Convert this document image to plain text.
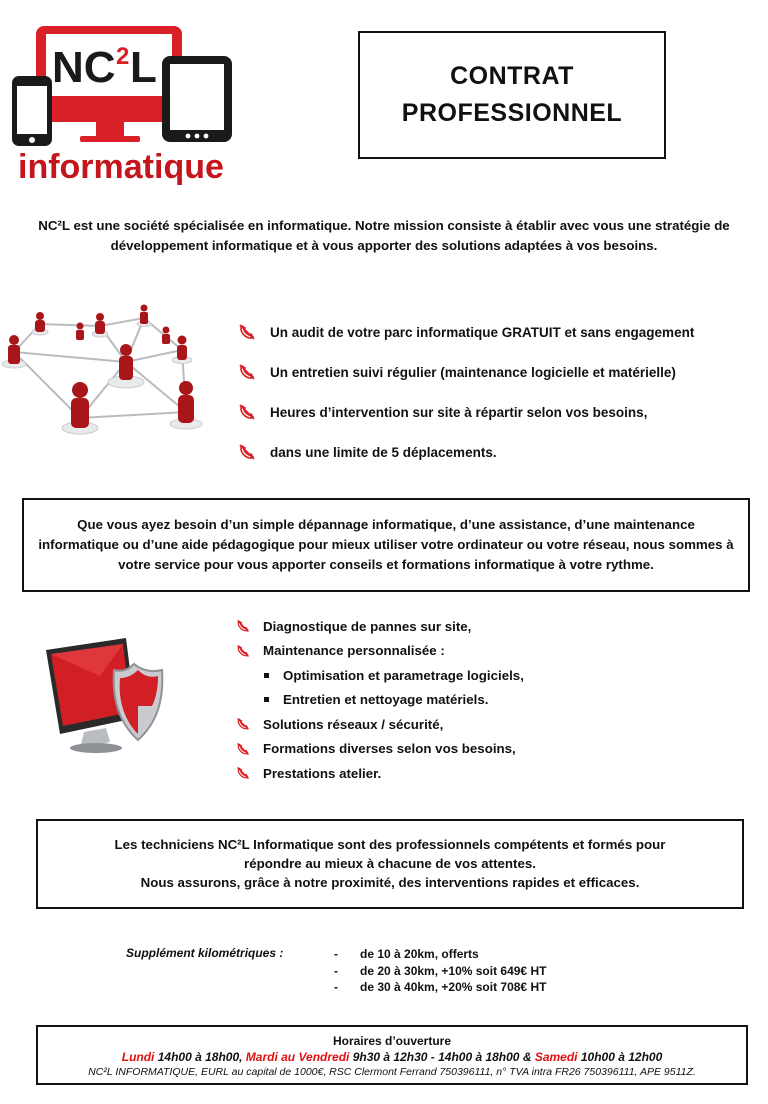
NC 2 L
informatique
CONTRAT
PROFESSIONNEL
NC²L est une société spécialisée en informatique. Notre mission consiste à établir avec vous une stratégie de développement informatique et à vous apporter des solutions adaptées à vos besoins.
Un audit de votre parc informatique GRATUIT et sans engagement
Un entretien suivi régulier (maintenance logicielle et matérielle)
Heures d’intervention sur site à répartir selon vos besoins,
dans une limite de 5 déplacements.
Que vous ayez besoin d’un simple dépannage informatique, d’une assistance, d’une maintenance informatique ou d’une aide pédagogique pour mieux utiliser votre ordinateur ou votre réseau, nous sommes à votre service pour vous apporter conseils et formations informatique à votre rythme.
Diagnostique de pannes sur site,
Maintenance personnalisée :
Optimisation et parametrage logiciels,
Entretien et nettoyage matériels.
Solutions réseaux / sécurité,
Formations diverses selon vos besoins,
Prestations atelier.
Les techniciens NC²L Informatique sont des professionnels compétents et formés pour
répondre au mieux à chacune de vos attentes.
Nous assurons, grâce à notre proximité, des interventions rapides et efficaces.
Supplément kilométriques :	-	de 10 à 20km, offerts
-	de 20 à 30km, +10% soit 649€ HT
-	de 30 à 40km, +20% soit 708€ HT
Horaires d’ouverture
Lundi 14h00 à 18h00, Mardi au Vendredi 9h30 à 12h30 - 14h00 à 18h00 & Samedi 10h00 à 12h00
NC²L INFORMATIQUE, EURL au capital de 1000€, RSC Clermont Ferrand 750396111, n° TVA intra FR26 750396111, APE 9511Z.
